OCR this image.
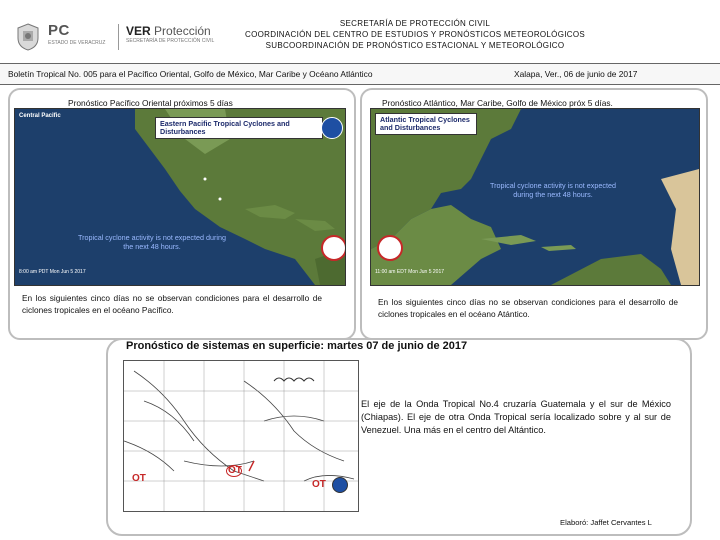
PC
ESTADO DE VERACRUZ
VER Protección
SECRETARÍA DE PROTECCIÓN CIVIL
SECRETARÍA DE PROTECCIÓN CIVIL
COORDINACIÓN DEL CENTRO DE ESTUDIOS Y PRONÓSTICOS METEOROLÓGICOS
SUBCOORDINACIÓN DE PRONÓSTICO ESTACIONAL Y METEOROLÓGICO
Boletín Tropical No. 005 para el Pacífico Oriental, Golfo de México, Mar Caribe y Océano Atlántico	Xalapa, Ver., 06 de junio de 2017
Pronóstico Pacífico Oriental próximos 5 días
Central Pacific
Eastern Pacific Tropical Cyclones and Disturbances
Tropical cyclone activity is not expected during the next 48 hours.
8:00 am PDT Mon Jun 5 2017
En los siguientes cinco días no se observan condiciones para el desarrollo de ciclones tropicales en el océano Pacífico.
Pronóstico Atlántico, Mar Caribe, Golfo de México próx 5 días.
Atlantic Tropical Cyclones and Disturbances
Tropical cyclone activity is not expected during the next 48 hours.
11:00 am EDT Mon Jun 5 2017
En los siguientes cinco días no se observan condiciones para el desarrollo de ciclones tropicales en el océano Atántico.
Pronóstico de sistemas en superficie: martes 07 de junio de 2017
OT
OT
OT
El eje de la Onda Tropical No.4 cruzaría Guatemala y el sur de México (Chiapas). El eje de otra Onda Tropical sería localizado sobre y al sur de Venezuel. Una más en el centro del Altántico.
Elaboró: Jaffet Cervantes L
